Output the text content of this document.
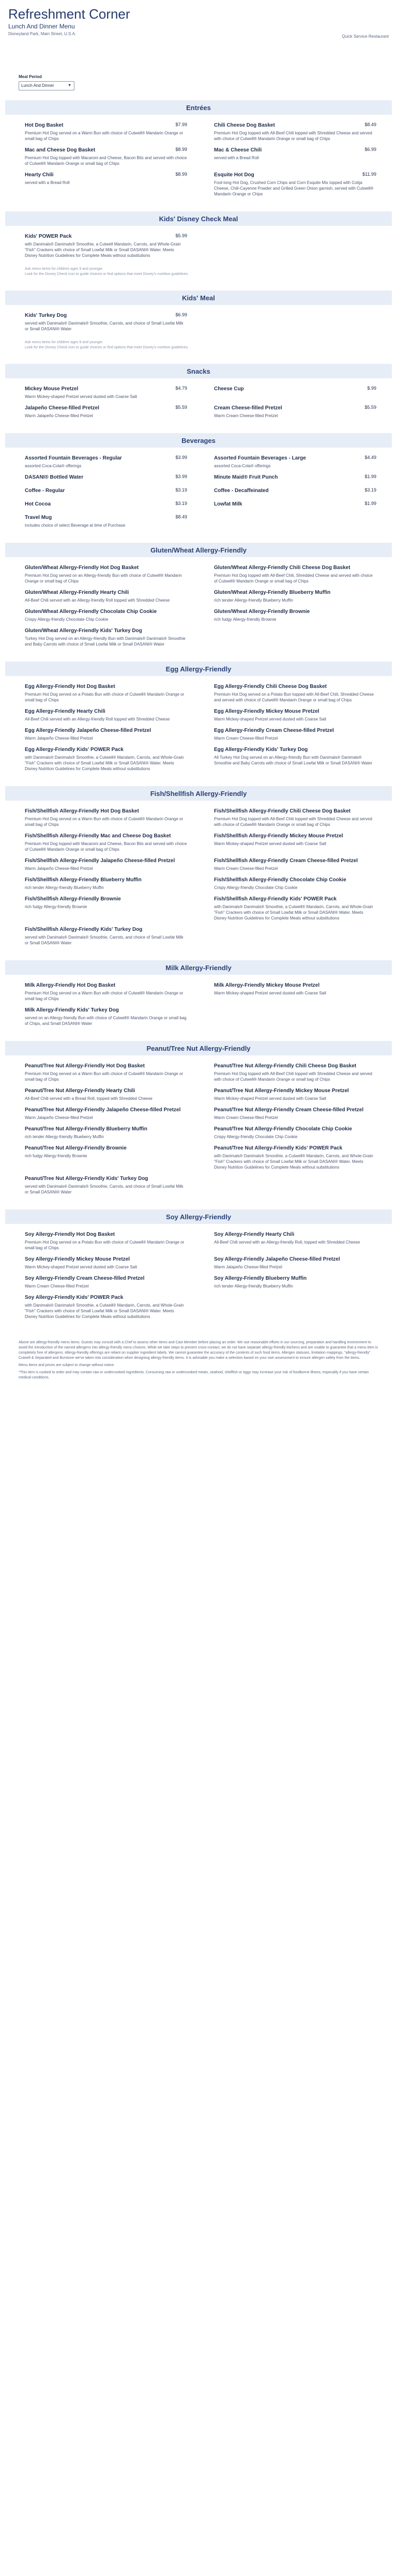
Refreshment Corner
Lunch And Dinner Menu
Disneyland Park, Main Street, U.S.A.
Quick Service Restaurant
Meal Period
Lunch And Dinner	▼
Entrées
Hot Dog Basket	$7.99
Premium Hot Dog served on a Warm Bun with choice of Cutwell® Mandarin Orange or small bag of Chips
Chili Cheese Dog Basket	$8.49
Premium Hot Dog topped with All-Beef Chili topped with Shredded Cheese and served with choice of Cutwell® Mandarin Orange or small bag of Chips
Mac and Cheese Dog Basket	$8.99
Premium Hot Dog topped with Macaroni and Cheese, Bacon Bits and served with choice of Cutwell® Mandarin Orange or small bag of Chips
Mac & Cheese Chili	$6.99
served with a Bread Roll
Hearty Chili	$8.99
served with a Bread Roll
Esquite Hot Dog	$11.99
Foot-long Hot Dog, Crushed Corn Chips and Corn Esquite Mix topped with Cotija Cheese, Chili-Cayenne Powder and Grilled Green Onion garnish, served with Cutwell® Mandarin Orange or Chips
Kids' Disney Check Meal
Kids' POWER Pack	$5.99
with Danimals® Danimals® Smoothie, a Cutwell Mandarin, Carrots, and Whole-Grain "Fish" Crackers with choice of Small Lowfat Milk or Small DASANI® Water. Meets Disney Nutrition Guidelines for Complete Meals without substitutions
Ask menu items for children ages 9 and younger.
Look for the Disney Check icon to guide choices or find options that meet Disney's nutrition guidelines.
Kids' Meal
Kids' Turkey Dog	$6.99
served with Danimals® Danimals® Smoothie, Carrots, and choice of Small Lowfat Milk or Small DASANI® Water
Ask menu items for children ages 9 and younger.
Look for the Disney Check icon to guide choices or find options that meet Disney's nutrition guidelines.
Snacks
Mickey Mouse Pretzel	$4.79
Warm Mickey-shaped Pretzel served dusted with Coarse Salt
Cheese Cup	$.99
Jalapeño Cheese-filled Pretzel	$5.59
Warm Jalapeño Cheese-filled Pretzel
Cream Cheese-filled Pretzel	$5.59
Warm Cream Cheese-filled Pretzel
Beverages
Assorted Fountain Beverages - Regular	$3.99
assorted Coca-Cola® offerings
Assorted Fountain Beverages - Large	$4.49
assorted Coca-Cola® offerings
DASANI® Bottled Water	$3.99	Minute Maid® Fruit Punch	$1.99
Coffee - Regular	$3.19	Coffee - Decaffeinated	$3.19
Hot Cocoa	$3.19	Lowfat Milk	$1.99
Travel Mug	$8.49
includes choice of select Beverage at time of Purchase
Gluten/Wheat Allergy-Friendly
Gluten/Wheat Allergy-Friendly Hot Dog Basket
Premium Hot Dog served on an Allergy-friendly Bun with choice of Cutwell® Mandarin Orange or small bag of Chips
Gluten/Wheat Allergy-Friendly Chili Cheese Dog Basket
Premium Hot Dog topped with All-Beef Chili, Shredded Cheese and served with choice of Cutwell® Mandarin Orange or small bag of Chips
Gluten/Wheat Allergy-Friendly Hearty Chili
All-Beef Chili served with an Allergy-friendly Roll topped with Shredded Cheese
Gluten/Wheat Allergy-Friendly Blueberry Muffin
rich tender Allergy-friendly Blueberry Muffin
Gluten/Wheat Allergy-Friendly Chocolate Chip Cookie
Crispy Allergy-friendly Chocolate Chip Cookie
Gluten/Wheat Allergy-Friendly Brownie
rich fudgy Allergy-friendly Brownie
Gluten/Wheat Allergy-Friendly Kids' Turkey Dog
Turkey Hot Dog served on an Allergy-friendly Bun with Danimals® Danimals® Smoothie and Baby Carrots with choice of Small Lowfat Milk or Small DASANI® Water
Egg Allergy-Friendly
Egg Allergy-Friendly Hot Dog Basket
Premium Hot Dog served on a Potato Bun with choice of Cutwell® Mandarin Orange or small bag of Chips
Egg Allergy-Friendly Chili Cheese Dog Basket
Premium Hot Dog served on a Potato Bun topped with All-Beef Chili, Shredded Cheese and served with choice of Cutwell® Mandarin Orange or small bag of Chips
Egg Allergy-Friendly Hearty Chili
All-Beef Chili served with an Allergy-friendly Roll topped with Shredded Cheese
Egg Allergy-Friendly Mickey Mouse Pretzel
Warm Mickey-shaped Pretzel served dusted with Coarse Salt
Egg Allergy-Friendly Jalapeño Cheese-filled Pretzel
Warm Jalapeño Cheese-filled Pretzel
Egg Allergy-Friendly Cream Cheese-filled Pretzel
Warm Cream Cheese-filled Pretzel
Egg Allergy-Friendly Kids' POWER Pack
with Danimals® Danimals® Smoothie, a Cutwell® Mandarin, Carrots, and Whole-Grain "Fish" Crackers with choice of Small Lowfat Milk or Small DASANI® Water. Meets Disney Nutrition Guidelines for Complete Meals without substitutions
Egg Allergy-Friendly Kids' Turkey Dog
All Turkey Hot Dog served on an Allergy-friendly Bun with Danimals® Danimals® Smoothie and Baby Carrots with choice of Small Lowfat Milk or Small DASANI® Water
Fish/Shellfish Allergy-Friendly
Fish/Shellfish Allergy-Friendly Hot Dog Basket
Premium Hot Dog served on a Warm Bun with choice of Cutwell® Mandarin Orange or small bag of Chips
Fish/Shellfish Allergy-Friendly Chili Cheese Dog Basket
Premium Hot Dog topped with All-Beef Chili topped with Shredded Cheese and served with choice of Cutwell® Mandarin Orange or small bag of Chips
Fish/Shellfish Allergy-Friendly Mac and Cheese Dog Basket
Premium Hot Dog topped with Macaroni and Cheese, Bacon Bits and served with choice of Cutwell® Mandarin Orange or small bag of Chips
Fish/Shellfish Allergy-Friendly Mickey Mouse Pretzel
Warm Mickey-shaped Pretzel served dusted with Coarse Salt
Fish/Shellfish Allergy-Friendly Jalapeño Cheese-filled Pretzel
Warm Jalapeño Cheese-filled Pretzel
Fish/Shellfish Allergy-Friendly Cream Cheese-filled Pretzel
Warm Cream Cheese-filled Pretzel
Fish/Shellfish Allergy-Friendly Blueberry Muffin
rich tender Allergy-friendly Blueberry Muffin
Fish/Shellfish Allergy-Friendly Chocolate Chip Cookie
Crispy Allergy-friendly Chocolate Chip Cookie
Fish/Shellfish Allergy-Friendly Brownie
rich fudgy Allergy-friendly Brownie
Fish/Shellfish Allergy-Friendly Kids' POWER Pack
with Danimals® Danimals® Smoothie, a Cutwell® Mandarin, Carrots, and Whole-Grain "Fish" Crackers with choice of Small Lowfat Milk or Small DASANI® Water. Meets Disney Nutrition Guidelines for Complete Meals without substitutions
Fish/Shellfish Allergy-Friendly Kids' Turkey Dog
served with Danimals® Danimals® Smoothie, Carrots, and choice of Small Lowfat Milk or Small DASANI® Water
Milk Allergy-Friendly
Milk Allergy-Friendly Hot Dog Basket
Premium Hot Dog served on a Warm Bun with choice of Cutwell® Mandarin Orange or small bag of Chips
Milk Allergy-Friendly Mickey Mouse Pretzel
Warm Mickey-shaped Pretzel served dusted with Coarse Salt
Milk Allergy-Friendly Kids' Turkey Dog
served on an Allergy-friendly Bun with choice of Cutwell® Mandarin Orange or small bag of Chips, and Small DASANI® Water
Peanut/Tree Nut Allergy-Friendly
Peanut/Tree Nut Allergy-Friendly Hot Dog Basket
Premium Hot Dog served on a Warm Bun with choice of Cutwell® Mandarin Orange or small bag of Chips
Peanut/Tree Nut Allergy-Friendly Chili Cheese Dog Basket
Premium Hot Dog topped with All-Beef Chili topped with Shredded Cheese and served with choice of Cutwell® Mandarin Orange or small bag of Chips
Peanut/Tree Nut Allergy-Friendly Hearty Chili
All-Beef Chili served with a Bread Roll, topped with Shredded Cheese
Peanut/Tree Nut Allergy-Friendly Mickey Mouse Pretzel
Warm Mickey-shaped Pretzel served dusted with Coarse Salt
Peanut/Tree Nut Allergy-Friendly Jalapeño Cheese-filled Pretzel
Warm Jalapeño Cheese-filled Pretzel
Peanut/Tree Nut Allergy-Friendly Cream Cheese-filled Pretzel
Warm Cream Cheese-filled Pretzel
Peanut/Tree Nut Allergy-Friendly Blueberry Muffin
rich tender Allergy-friendly Blueberry Muffin
Peanut/Tree Nut Allergy-Friendly Chocolate Chip Cookie
Crispy Allergy-friendly Chocolate Chip Cookie
Peanut/Tree Nut Allergy-Friendly Brownie
rich fudgy Allergy-friendly Brownie
Peanut/Tree Nut Allergy-Friendly Kids' POWER Pack
with Danimals® Danimals® Smoothie, a Cutwell® Mandarin, Carrots, and Whole-Grain "Fish" Crackers with choice of Small Lowfat Milk or Small DASANI® Water. Meets Disney Nutrition Guidelines for Complete Meals without substitutions
Peanut/Tree Nut Allergy-Friendly Kids' Turkey Dog
served with Danimals® Danimals® Smoothie, Carrots, and choice of Small Lowfat Milk or Small DASANI® Water
Soy Allergy-Friendly
Soy Allergy-Friendly Hot Dog Basket
Premium Hot Dog served on a Potato Bun with choice of Cutwell® Mandarin Orange or small bag of Chips
Soy Allergy-Friendly Hearty Chili
All-Beef Chili served with an Allergy-friendly Roll, topped with Shredded Cheese
Soy Allergy-Friendly Mickey Mouse Pretzel
Warm Mickey-shaped Pretzel served dusted with Coarse Salt
Soy Allergy-Friendly Jalapeño Cheese-filled Pretzel
Warm Jalapeño Cheese-filled Pretzel
Soy Allergy-Friendly Cream Cheese-filled Pretzel
Warm Cream Cheese-filled Pretzel
Soy Allergy-Friendly Blueberry Muffin
rich tender Allergy-friendly Blueberry Muffin
Soy Allergy-Friendly Kids' POWER Pack
with Danimals® Danimals® Smoothie, a Cutwell® Mandarin, Carrots, and Whole-Grain "Fish" Crackers with choice of Small Lowfat Milk or Small DASANI® Water. Meets Disney Nutrition Guidelines for Complete Meals without substitutions
Above are allergy-friendly menu items. Guests may consult with a Chef to assess other items and Cast Member before placing an order. We use reasonable efforts in our sourcing, preparation and handling environment to avoid the introduction of the named allergens into allergy-friendly menu choices. While we take steps to prevent cross-contact, we do not have separate allergy-friendly kitchens and are unable to guarantee that a menu item is completely free of allergens. Allergy-friendly offerings are reliant on supplier ingredient labels. We cannot guarantee the accuracy of the contents of such food items. Allergen statuses, limitation mappings, "allergy-friendly" Cutwell & Separated and Burstone we've taken into consideration when designing allergy-friendly items. It is advisable you make a selection based on your own assessment to ensure allergen safety from the items.
Menu items and prices are subject to change without notice.
*This item is cooked to order and may contain raw or undercooked ingredients. Consuming raw or undercooked meats, seafood, shellfish or eggs may increase your risk of foodborne illness, especially if you have certain medical conditions.
